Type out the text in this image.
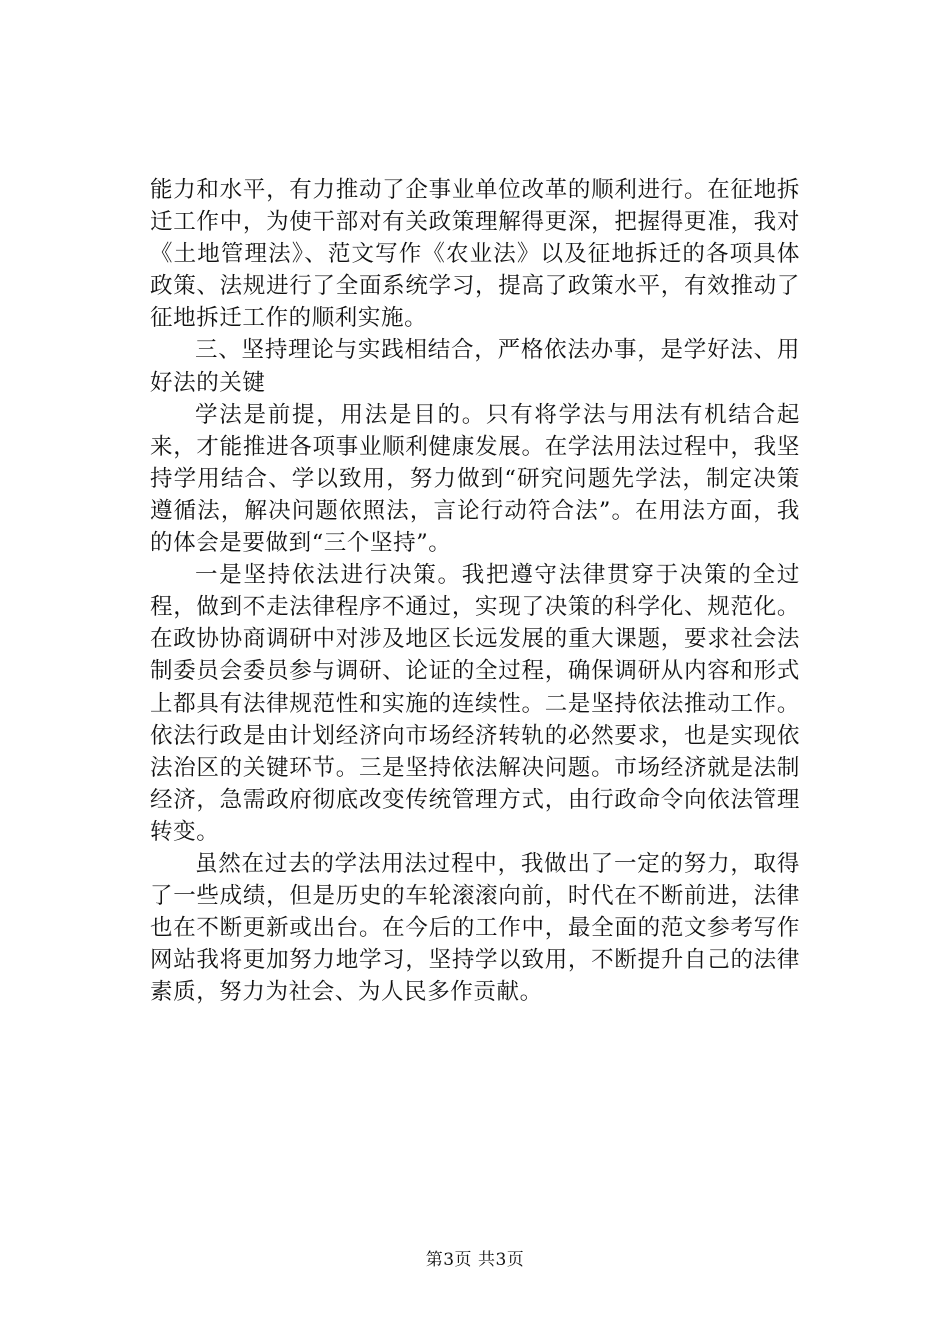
能力和水平，有力推动了企事业单位改革的顺利进行。在征地拆迁工作中，为使干部对有关政策理解得更深，把握得更准，我对《土地管理法》、范文写作《农业法》以及征地拆迁的各项具体政策、法规进行了全面系统学习，提高了政策水平，有效推动了征地拆迁工作的顺利实施。

三、坚持理论与实践相结合，严格依法办事，是学好法、用好法的关键

学法是前提，用法是目的。只有将学法与用法有机结合起来，才能推进各项事业顺利健康发展。在学法用法过程中，我坚持学用结合、学以致用，努力做到“研究问题先学法，制定决策遵循法，解决问题依照法，言论行动符合法”。在用法方面，我的体会是要做到“三个坚持”。

一是坚持依法进行决策。我把遵守法律贯穿于决策的全过程，做到不走法律程序不通过，实现了决策的科学化、规范化。在政协协商调研中对涉及地区长远发展的重大课题，要求社会法制委员会委员参与调研、论证的全过程，确保调研从内容和形式上都具有法律规范性和实施的连续性。二是坚持依法推动工作。依法行政是由计划经济向市场经济转轨的必然要求，也是实现依法治区的关键环节。三是坚持依法解决问题。市场经济就是法制经济，急需政府彻底改变传统管理方式，由行政命令向依法管理转变。

虽然在过去的学法用法过程中，我做出了一定的努力，取得了一些成绩，但是历史的车轮滚滚向前，时代在不断前进，法律也在不断更新或出台。在今后的工作中，最全面的范文参考写作网站我将更加努力地学习，坚持学以致用，不断提升自己的法律素质，努力为社会、为人民多作贡献。

第3页 共3页
